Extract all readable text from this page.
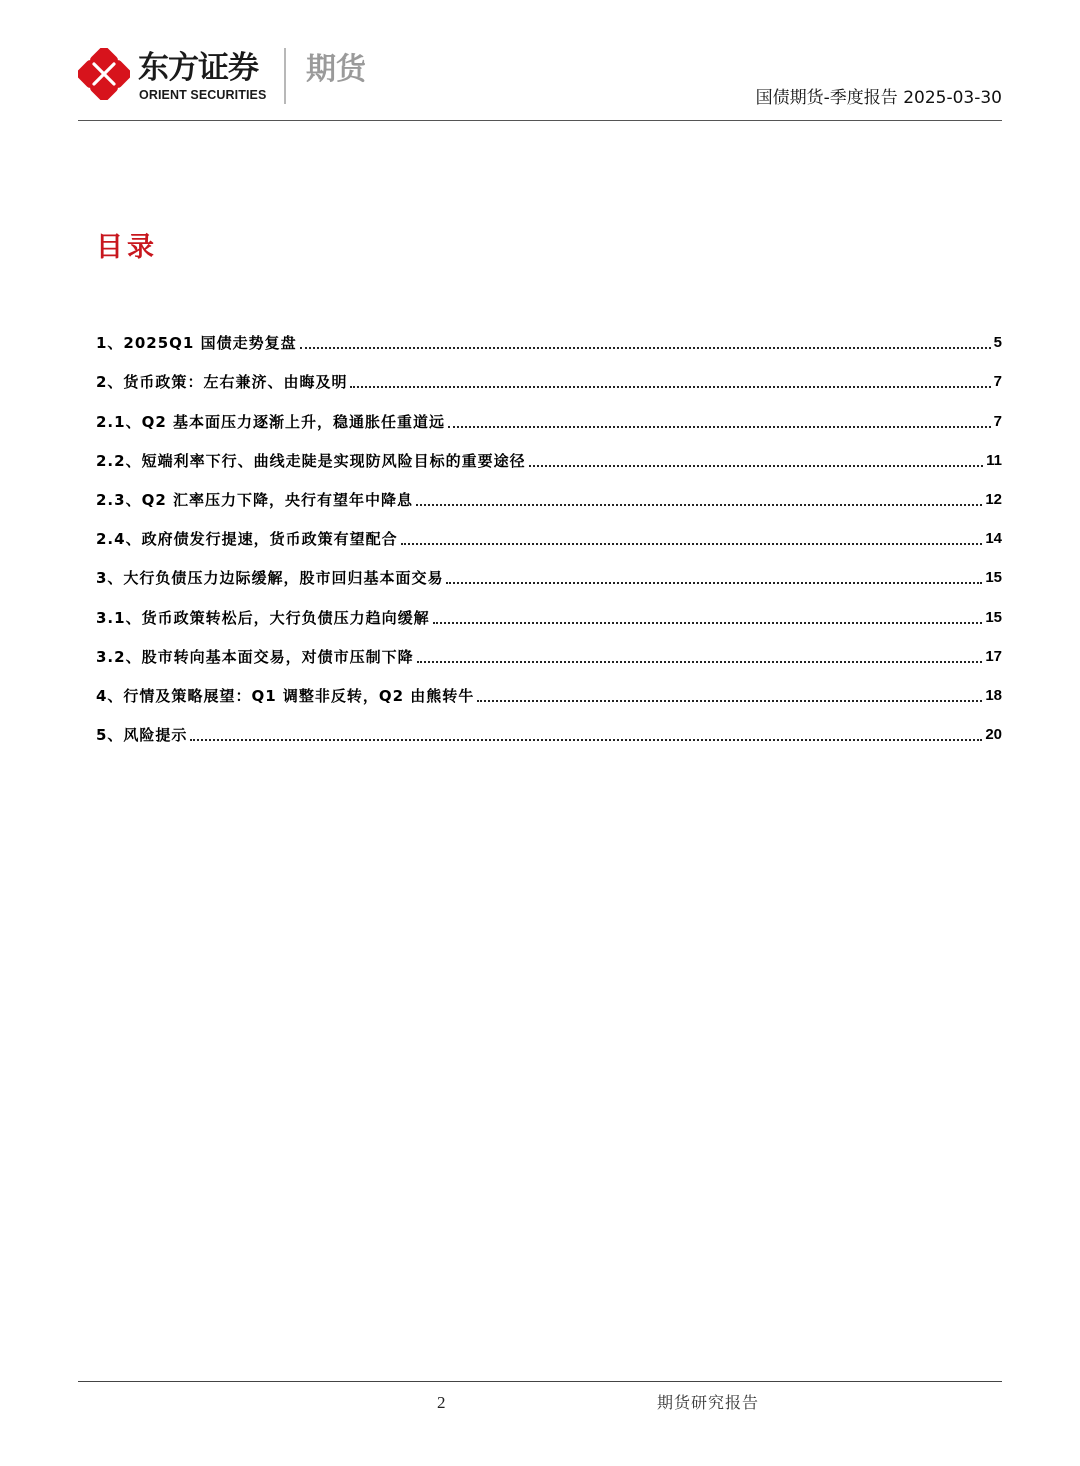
东方证券
ORIENT SECURITIES
期货
国债期货-季度报告 2025-03-30
目录
1、2025Q1 国债走势复盘	5
2、货币政策：左右兼济、由晦及明	7
2.1、Q2 基本面压力逐渐上升，稳通胀任重道远	7
2.2、短端利率下行、曲线走陡是实现防风险目标的重要途径	11
2.3、Q2 汇率压力下降，央行有望年中降息	12
2.4、政府债发行提速，货币政策有望配合	14
3、大行负债压力边际缓解，股市回归基本面交易	15
3.1、货币政策转松后，大行负债压力趋向缓解	15
3.2、股市转向基本面交易，对债市压制下降	17
4、行情及策略展望：Q1 调整非反转，Q2 由熊转牛	18
5、风险提示	20
2	期货研究报告
